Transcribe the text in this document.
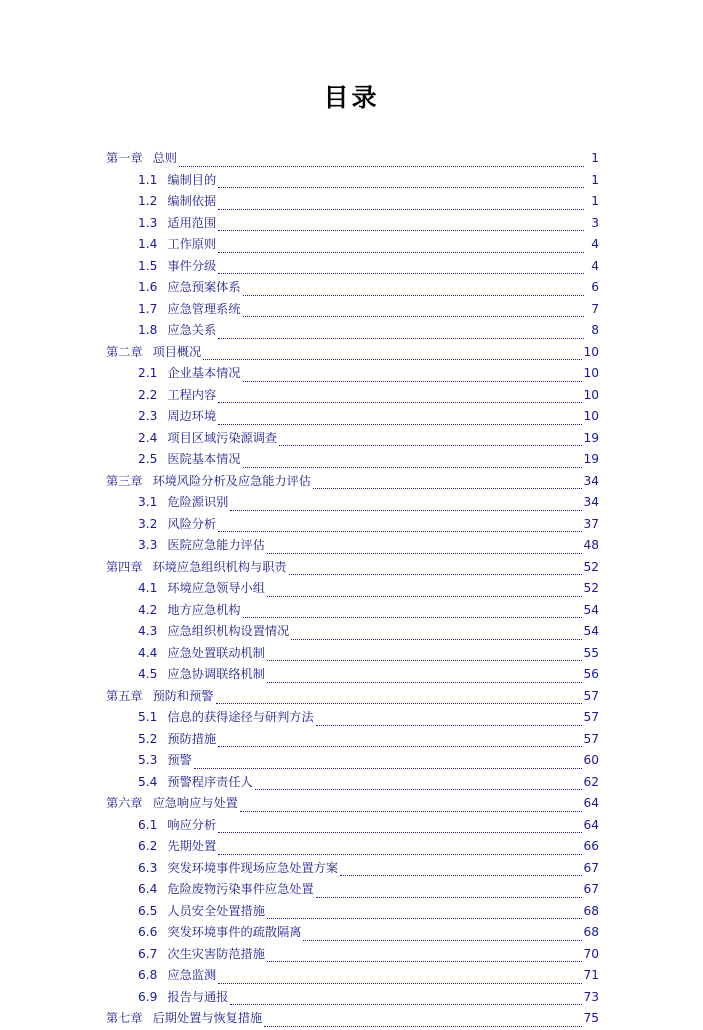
目录
第一章 总则	1
1.1 编制目的	1
1.2 编制依据	1
1.3 适用范围	3
1.4 工作原则	4
1.5 事件分级	4
1.6 应急预案体系	6
1.7 应急管理系统	7
1.8 应急关系	8
第二章 项目概况	10
2.1 企业基本情况	10
2.2 工程内容	10
2.3 周边环境	10
2.4 项目区域污染源调查	19
2.5 医院基本情况	19
第三章 环境风险分析及应急能力评估	34
3.1 危险源识别	34
3.2 风险分析	37
3.3 医院应急能力评估	48
第四章 环境应急组织机构与职责	52
4.1 环境应急领导小组	52
4.2 地方应急机构	54
4.3 应急组织机构设置情况	54
4.4 应急处置联动机制	55
4.5 应急协调联络机制	56
第五章 预防和预警	57
5.1 信息的获得途径与研判方法	57
5.2 预防措施	57
5.3 预警	60
5.4 预警程序责任人	62
第六章 应急响应与处置	64
6.1 响应分析	64
6.2 先期处置	66
6.3 突发环境事件现场应急处置方案	67
6.4 危险废物污染事件应急处置	67
6.5 人员安全处置措施	68
6.6 突发环境事件的疏散隔离	68
6.7 次生灾害防范措施	70
6.8 应急监测	71
6.9 报告与通报	73
第七章 后期处置与恢复措施	75
